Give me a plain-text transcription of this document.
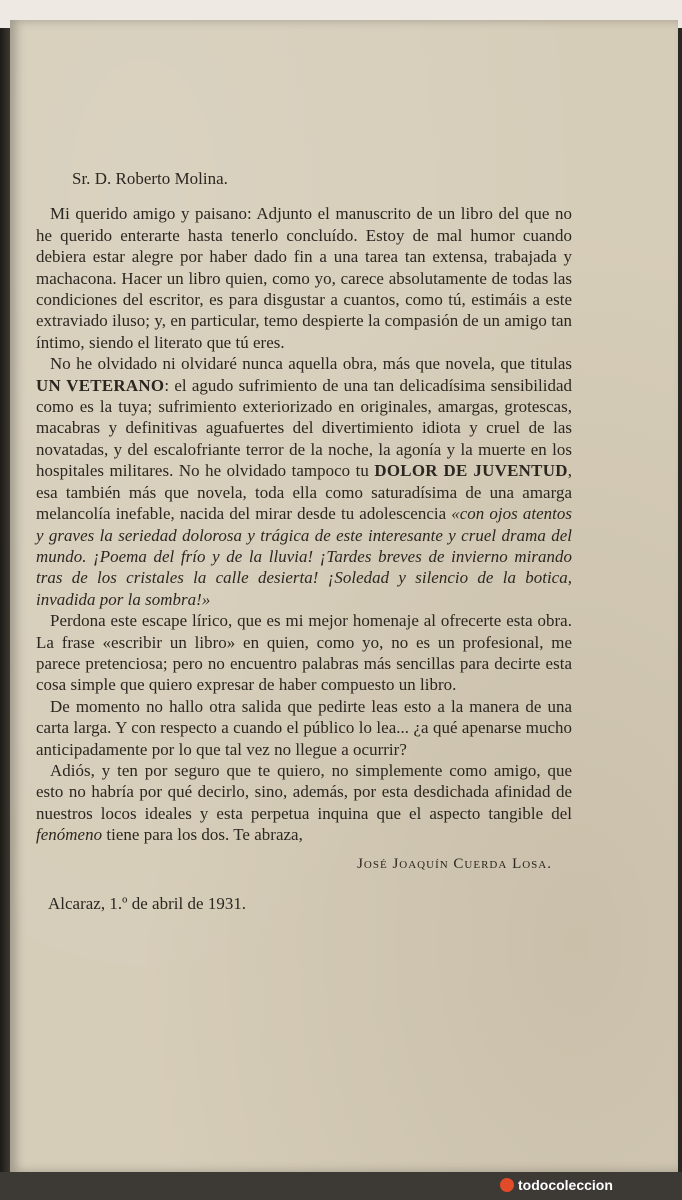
Sr. D. Roberto Molina.

Mi querido amigo y paisano: Adjunto el manuscrito de un libro del que no he querido enterarte hasta tenerlo concluído. Estoy de mal humor cuando debiera estar alegre por haber dado fin a una tarea tan extensa, trabajada y machacona. Hacer un libro quien, como yo, carece absolutamente de todas las condiciones del escritor, es para disgustar a cuantos, como tú, estimáis a este extraviado iluso; y, en particular, temo despierte la compasión de un amigo tan íntimo, siendo el literato que tú eres.

No he olvidado ni olvidaré nunca aquella obra, más que novela, que titulas UN VETERANO: el agudo sufrimiento de una tan delicadísima sensibilidad como es la tuya; sufrimiento exteriorizado en originales, amargas, grotescas, macabras y definitivas aguafuertes del divertimiento idiota y cruel de las novatadas, y del escalofriante terror de la noche, la agonía y la muerte en los hospitales militares. No he olvidado tampoco tu DOLOR DE JUVENTUD, esa también más que novela, toda ella como saturadísima de una amarga melancolía inefable, nacida del mirar desde tu adolescencia «con ojos atentos y graves la seriedad dolorosa y trágica de este interesante y cruel drama del mundo. ¡Poema del frío y de la lluvia! ¡Tardes breves de invierno mirando tras de los cristales la calle desierta! ¡Soledad y silencio de la botica, invadida por la sombra!»

Perdona este escape lírico, que es mi mejor homenaje al ofrecerte esta obra. La frase «escribir un libro» en quien, como yo, no es un profesional, me parece pretenciosa; pero no encuentro palabras más sencillas para decirte esta cosa simple que quiero expresar de haber compuesto un libro.

De momento no hallo otra salida que pedirte leas esto a la manera de una carta larga. Y con respecto a cuando el público lo lea... ¿a qué apenarse mucho anticipadamente por lo que tal vez no llegue a ocurrir?

Adiós, y ten por seguro que te quiero, no simplemente como amigo, que esto no habría por qué decirlo, sino, además, por esta desdichada afinidad de nuestros locos ideales y esta perpetua inquina que el aspecto tangible del fenómeno tiene para los dos. Te abraza,

José Joaquín Cuerda Losa.

Alcaraz, 1.º de abril de 1931.

todocoleccion
